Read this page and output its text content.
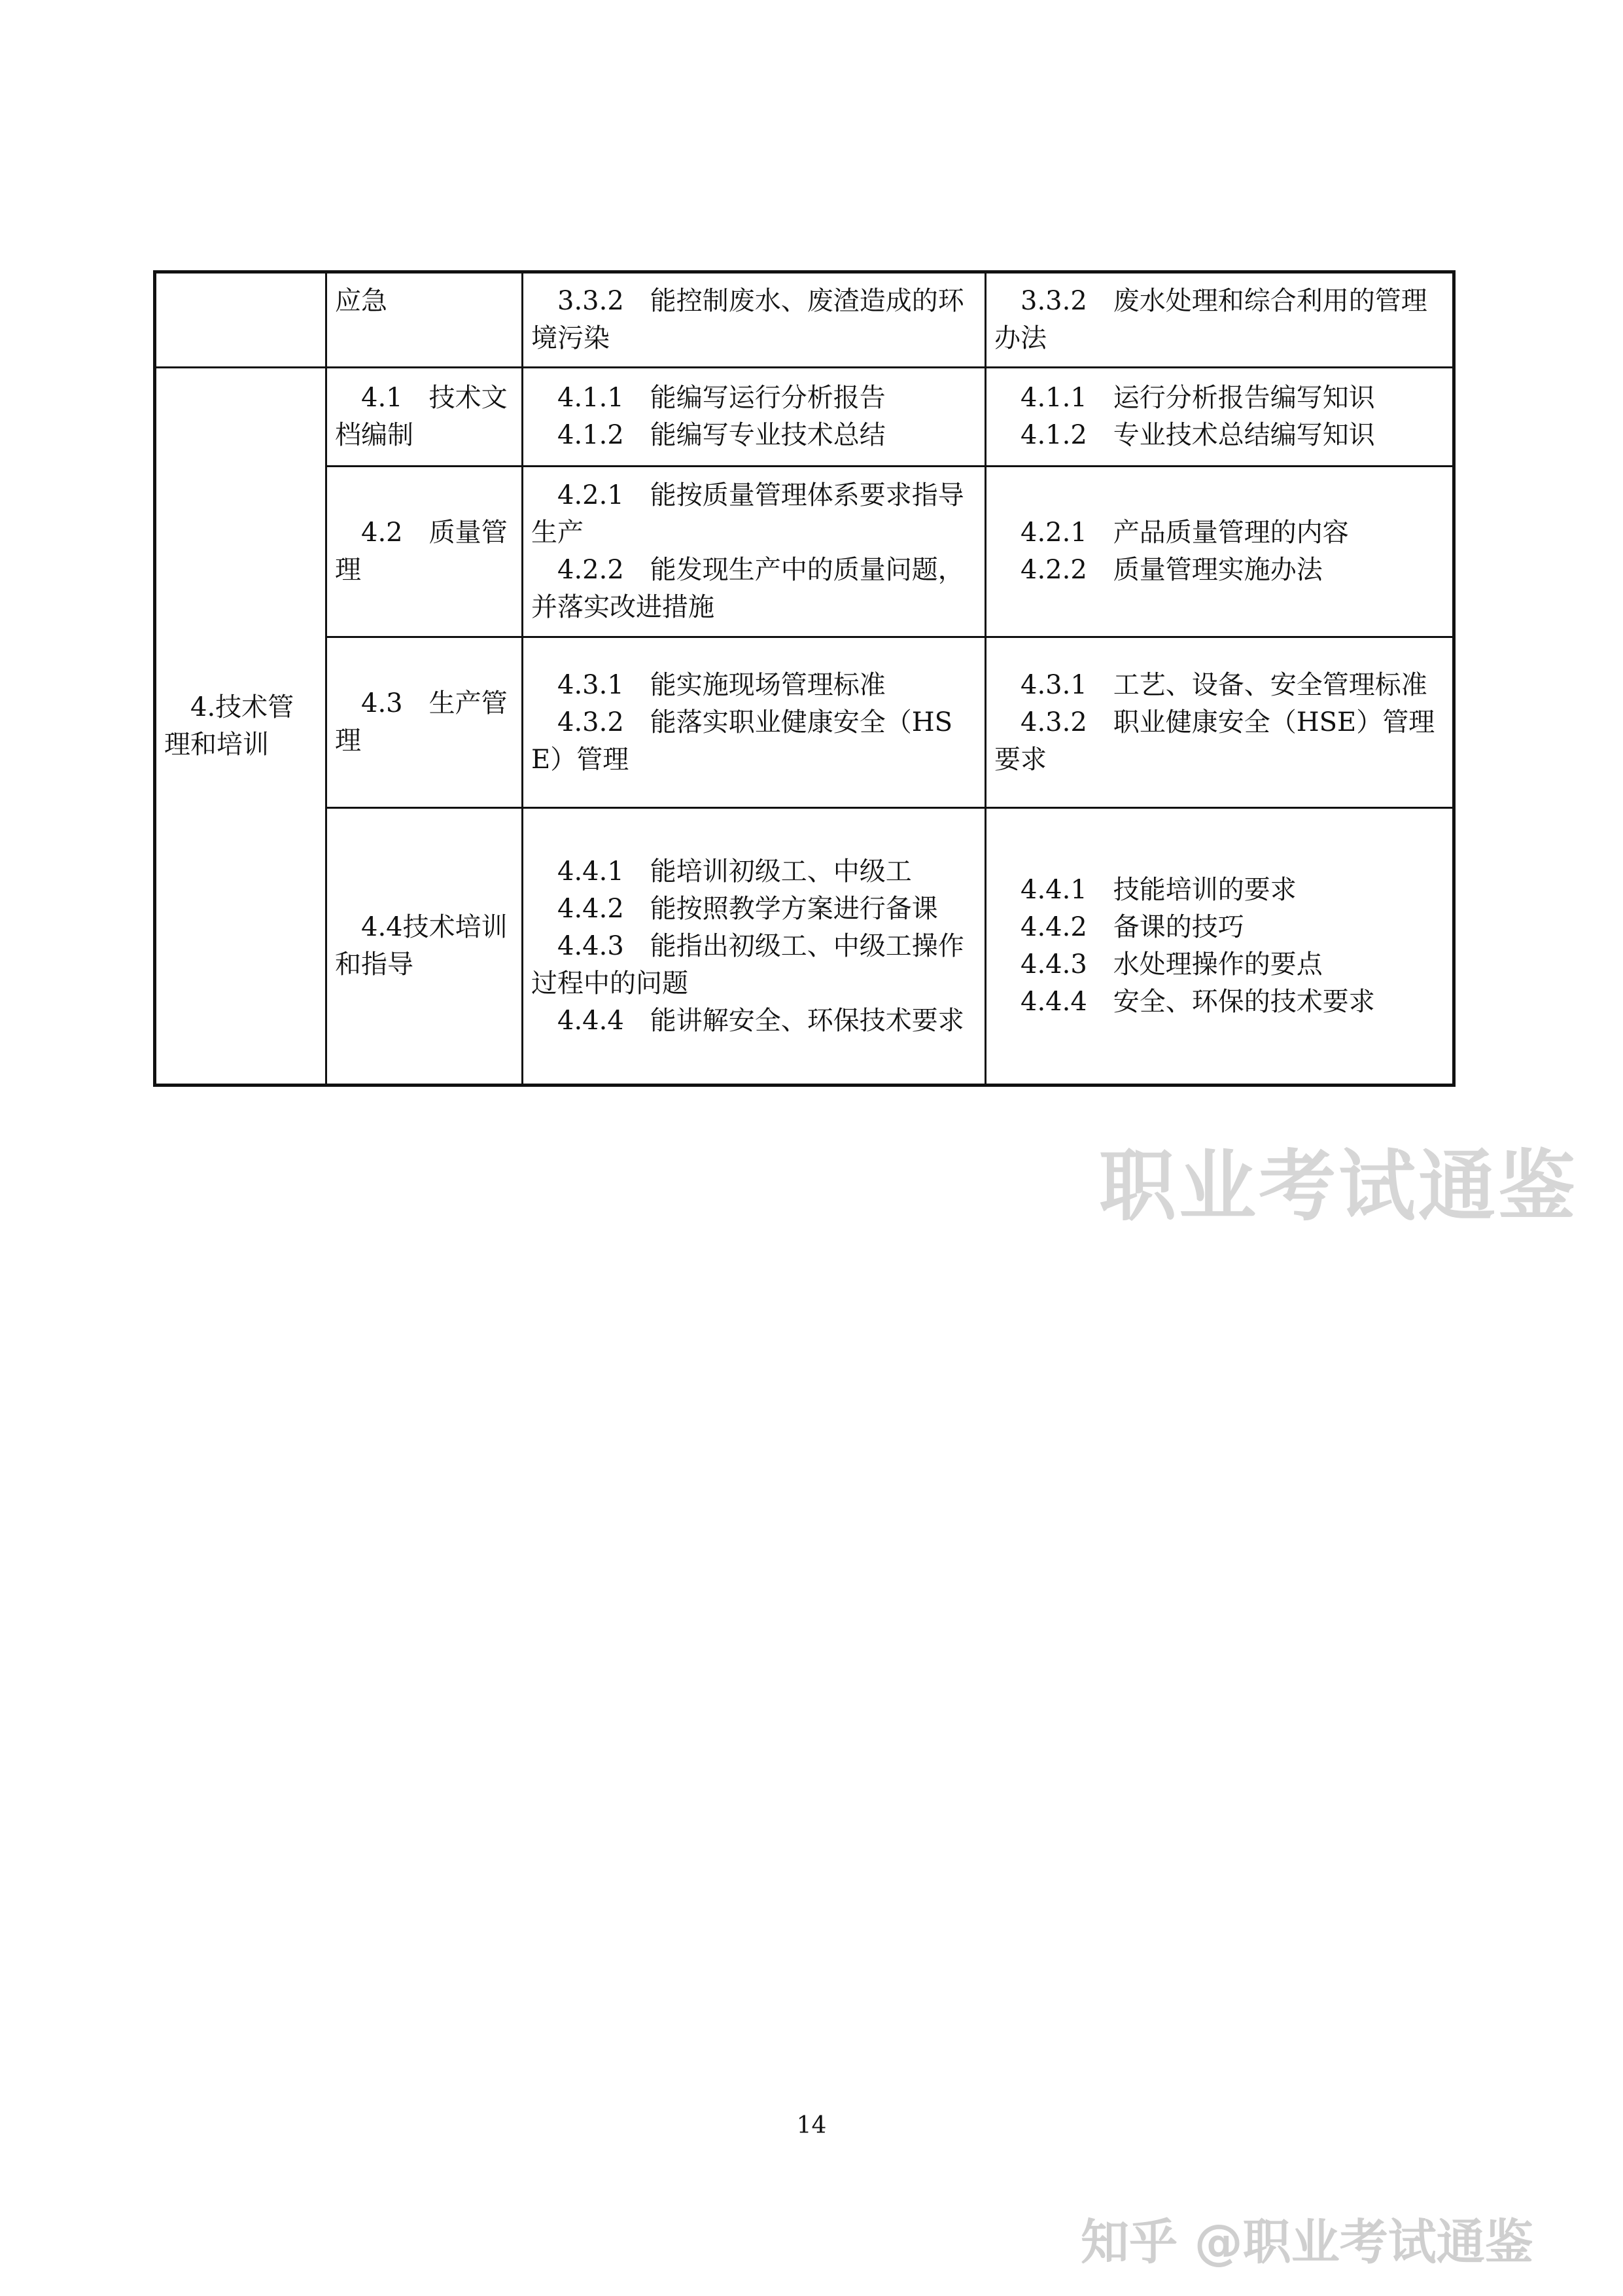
	应急	　3.3.2　能控制废水、废渣造成的环境污染	　3.3.2　废水处理和综合利用的管理办法

　4.技术管理和培训	　4.1　技术文档编制	　4.1.1　能编写运行分析报告
　4.1.2　能编写专业技术总结	　4.1.1　运行分析报告编写知识
　4.1.2　专业技术总结编写知识

	　4.2　质量管理	　4.2.1　能按质量管理体系要求指导生产
　4.2.2　能发现生产中的质量问题，并落实改进措施	　4.2.1　产品质量管理的内容
　4.2.2　质量管理实施办法

	　4.3　生产管理	　4.3.1　能实施现场管理标准
　4.3.2　能落实职业健康安全（HSE）管理	　4.3.1　工艺、设备、安全管理标准
　4.3.2　职业健康安全（HSE）管理要求

	　4.4技术培训和指导	　4.4.1　能培训初级工、中级工
　4.4.2　能按照教学方案进行备课
　4.4.3　能指出初级工、中级工操作过程中的问题
　4.4.4　能讲解安全、环保技术要求	　4.4.1　技能培训的要求
　4.4.2　备课的技巧
　4.4.3　水处理操作的要点
　4.4.4　安全、环保的技术要求
职业考试通鉴
14
知乎 @职业考试通鉴
